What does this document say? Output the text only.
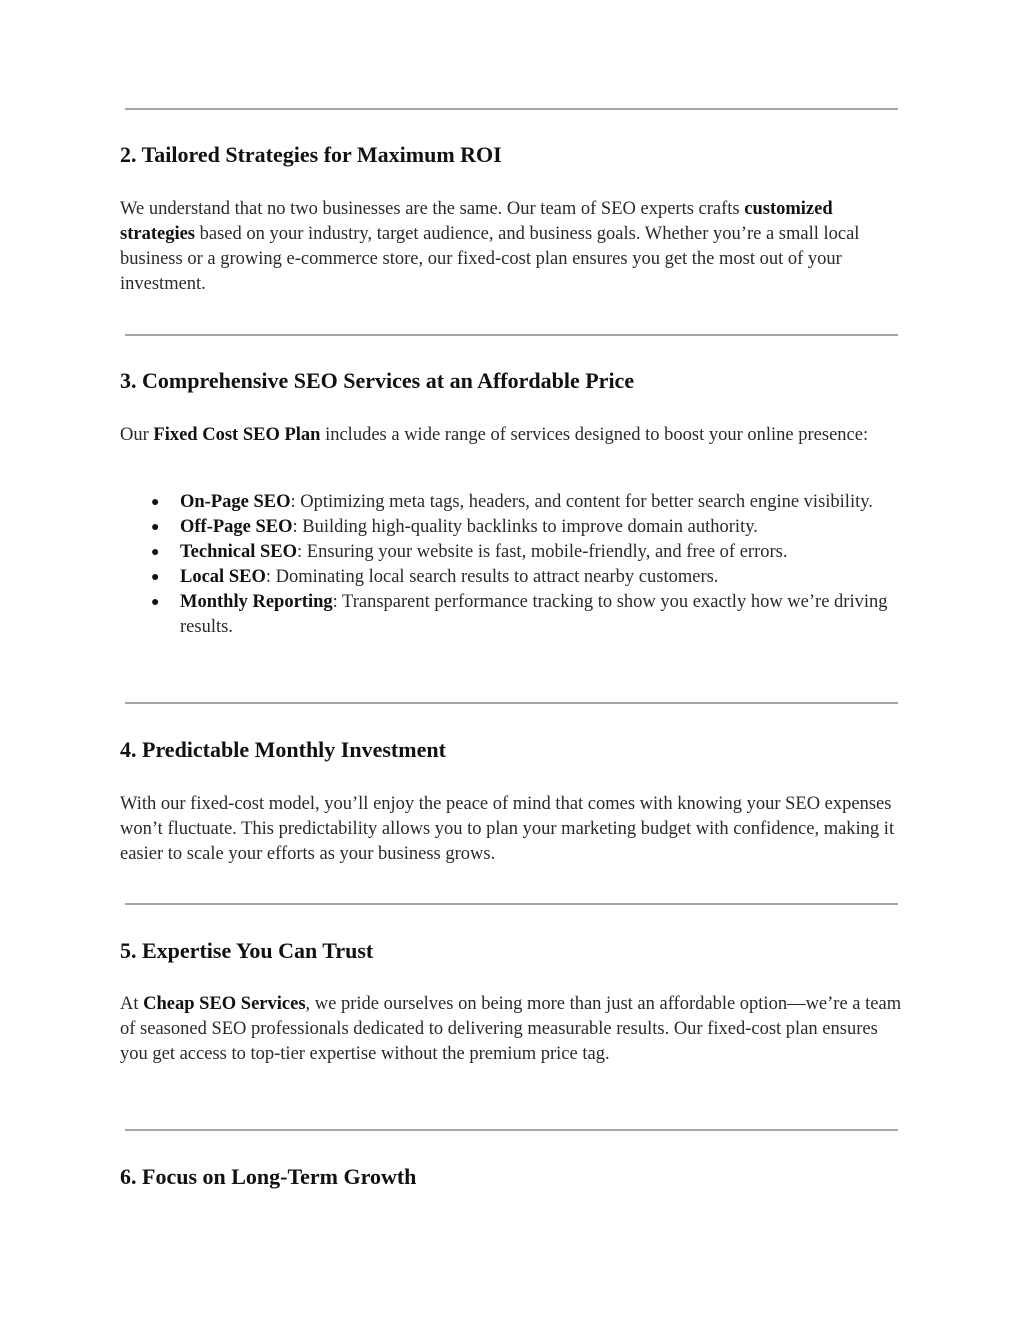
2. Tailored Strategies for Maximum ROI

We understand that no two businesses are the same. Our team of SEO experts crafts customized strategies based on your industry, target audience, and business goals. Whether you’re a small local business or a growing e-commerce store, our fixed-cost plan ensures you get the most out of your investment.

3. Comprehensive SEO Services at an Affordable Price

Our Fixed Cost SEO Plan includes a wide range of services designed to boost your online presence:

● On-Page SEO: Optimizing meta tags, headers, and content for better search engine visibility.
● Off-Page SEO: Building high-quality backlinks to improve domain authority.
● Technical SEO: Ensuring your website is fast, mobile-friendly, and free of errors.
● Local SEO: Dominating local search results to attract nearby customers.
● Monthly Reporting: Transparent performance tracking to show you exactly how we’re driving results.
4. Predictable Monthly Investment

With our fixed-cost model, you’ll enjoy the peace of mind that comes with knowing your SEO expenses won’t fluctuate. This predictability allows you to plan your marketing budget with confidence, making it easier to scale your efforts as your business grows.

5. Expertise You Can Trust

At Cheap SEO Services, we pride ourselves on being more than just an affordable option—we’re a team of seasoned SEO professionals dedicated to delivering measurable results. Our fixed-cost plan ensures you get access to top-tier expertise without the premium price tag.

6. Focus on Long-Term Growth
